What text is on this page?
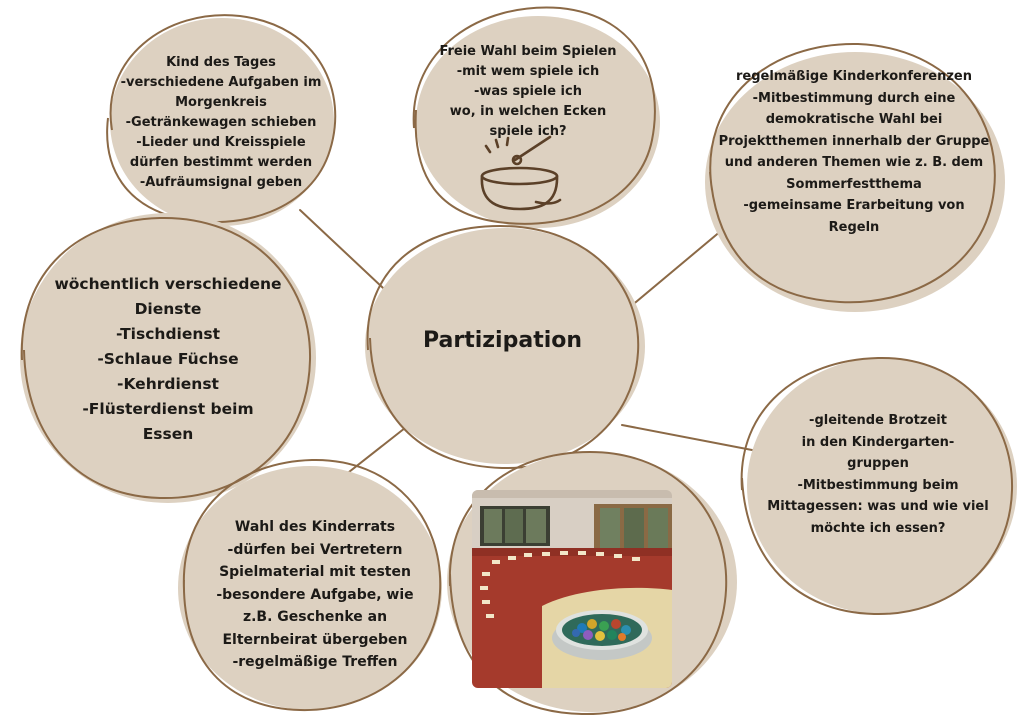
Kind des Tages
-verschiedene Aufgaben im
Morgenkreis
-Getränkewagen schieben
-Lieder und Kreisspiele
dürfen bestimmt werden
-Aufräumsignal geben
Freie Wahl beim Spielen
-mit wem spiele ich
-was spiele ich
wo, in welchen Ecken
spiele ich?
regelmäßige Kinderkonferenzen
-Mitbestimmung durch eine
demokratische Wahl bei
Projektthemen innerhalb der Gruppe
und anderen Themen wie z. B. dem
Sommerfestthema
-gemeinsame Erarbeitung von
Regeln
wöchentlich verschiedene
Dienste
-Tischdienst
-Schlaue Füchse
-Kehrdienst
-Flüsterdienst beim
Essen
Partizipation
-gleitende Brotzeit
in den Kindergarten-
gruppen
-Mitbestimmung beim
Mittagessen: was und wie viel
möchte ich essen?
Wahl des Kinderrats
-dürfen bei Vertretern
Spielmaterial mit testen
-besondere Aufgabe, wie
z.B. Geschenke an
Elternbeirat übergeben
-regelmäßige Treffen
